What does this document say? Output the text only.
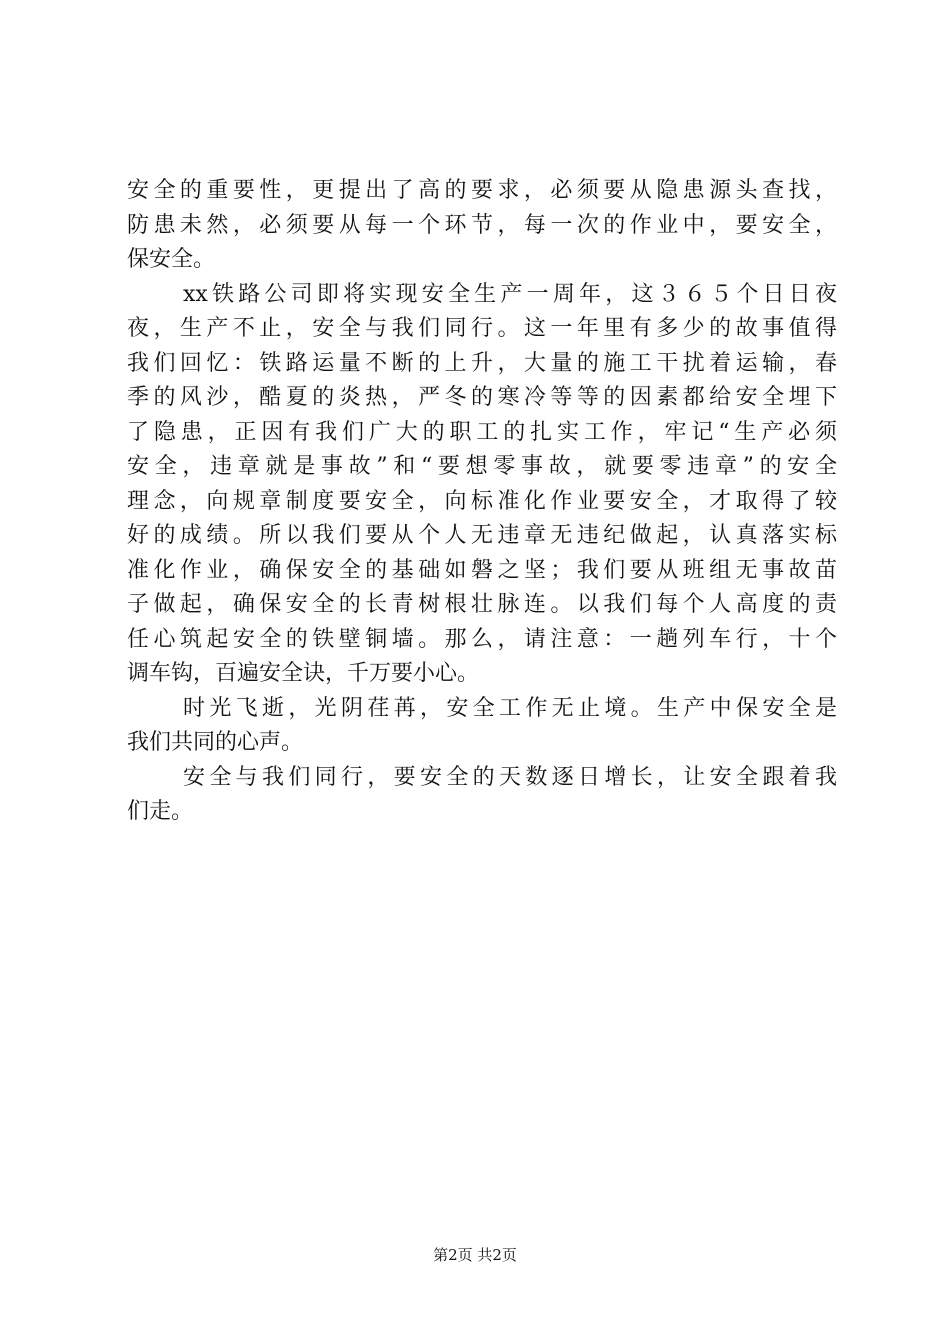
安全的重要性，更提出了高的要求，必须要从隐患源头查找，
防患未然，必须要从每一个环节，每一次的作业中，要安全，
保安全。
xx铁路公司即将实现安全生产一周年，这３６５个日日夜
夜，生产不止，安全与我们同行。这一年里有多少的故事值得
我们回忆：铁路运量不断的上升，大量的施工干扰着运输，春
季的风沙，酷夏的炎热，严冬的寒冷等等的因素都给安全埋下
了隐患，正因有我们广大的职工的扎实工作，牢记“生产必须
安全，违章就是事故”和“要想零事故，就要零违章”的安全
理念，向规章制度要安全，向标准化作业要安全，才取得了较
好的成绩。所以我们要从个人无违章无违纪做起，认真落实标
准化作业，确保安全的基础如磐之坚；我们要从班组无事故苗
子做起，确保安全的长青树根壮脉连。以我们每个人高度的责
任心筑起安全的铁壁铜墙。那么，请注意：一趟列车行，十个
调车钩，百遍安全诀，千万要小心。
时光飞逝，光阴荏苒，安全工作无止境。生产中保安全是
我们共同的心声。
安全与我们同行，要安全的天数逐日增长，让安全跟着我
们走。
第2页 共2页
